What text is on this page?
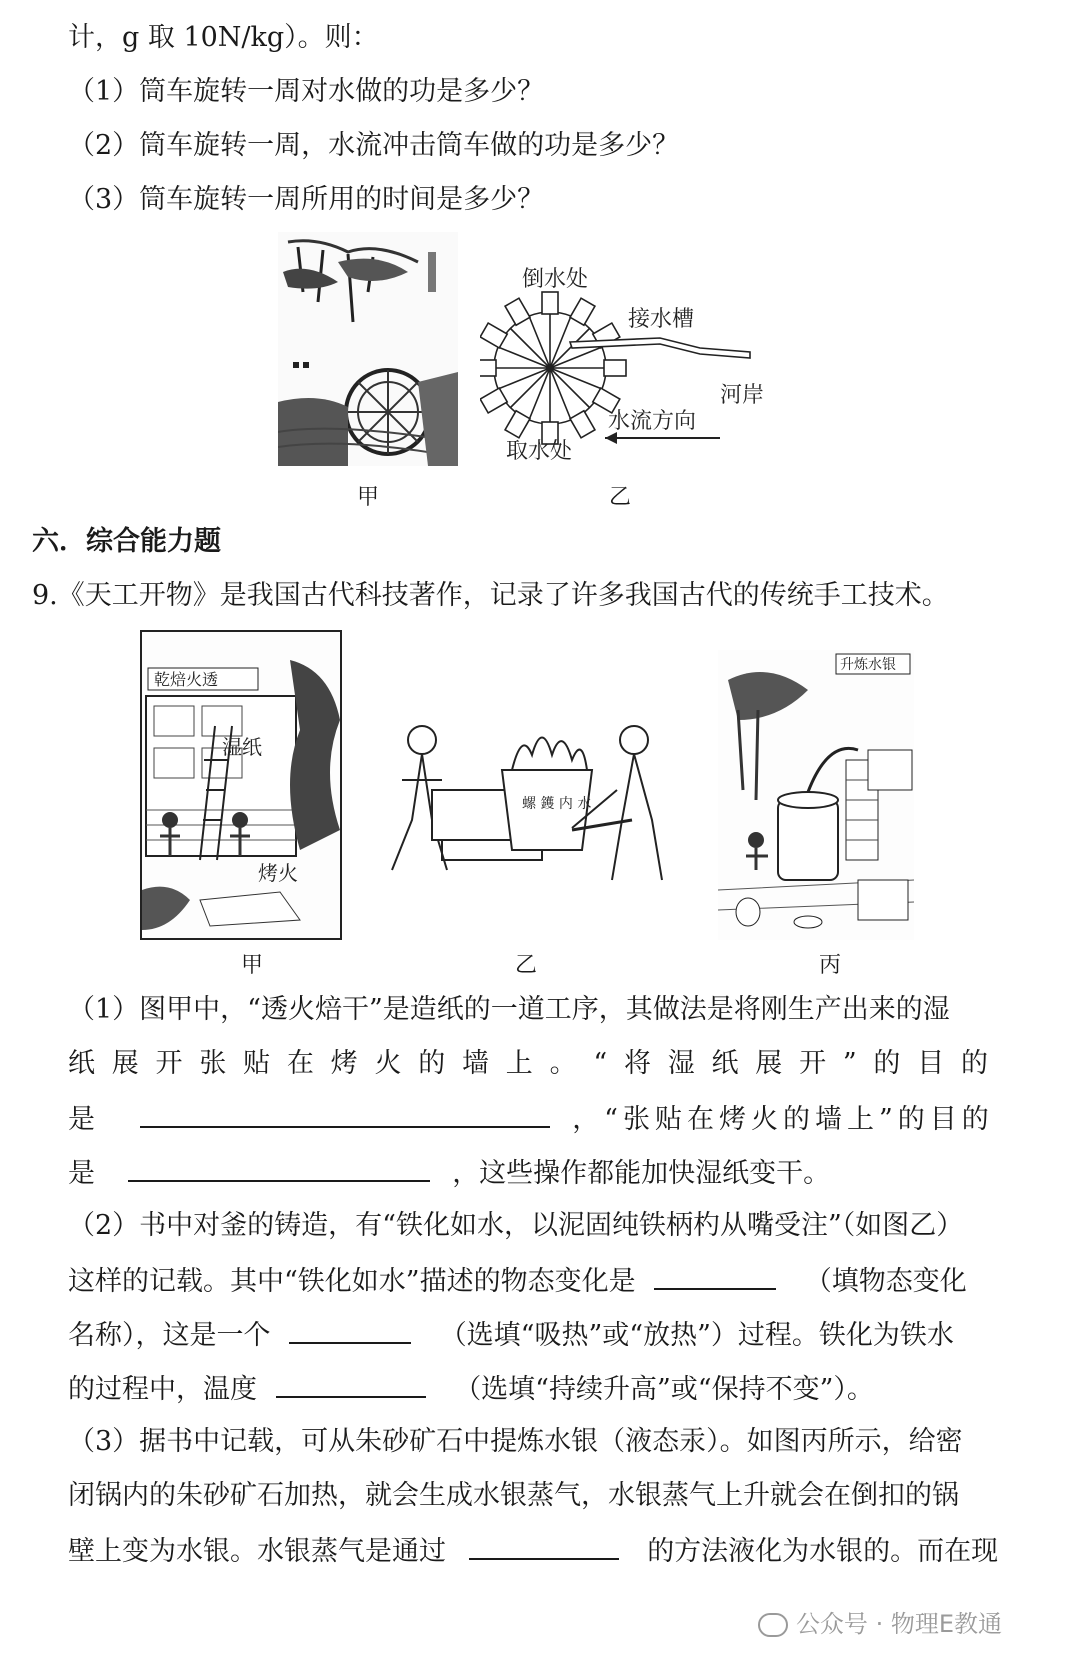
计，g 取 10N/kg）。则：
（1）筒车旋转一周对水做的功是多少？
（2）筒车旋转一周，水流冲击筒车做的功是多少？
（3）筒车旋转一周所用的时间是多少？
甲
倒水处
接水槽
河岸
水流方向
取水处
乙
六．综合能力题
9.《天工开物》是我国古代科技著作，记录了许多我国古代的传统手工技术。
乾焙火透
湿纸
烤火
甲
螺 鑊 内 水
乙
升炼水银
丙
（1）图甲中，“透火焙干”是造纸的一道工序，其做法是将刚生产出来的湿
纸展开张贴在烤火的墙上。“将湿纸展开”的目的
是	，“张贴在烤火的墙上”的目的
是	，这些操作都能加快湿纸变干。
（2）书中对釜的铸造，有“铁化如水，以泥固纯铁柄杓从嘴受注”（如图乙）
这样的记载。其中“铁化如水”描述的物态变化是	（填物态变化
名称），这是一个	（选填“吸热”或“放热”）过程。铁化为铁水
的过程中，温度	（选填“持续升高”或“保持不变”）。
（3）据书中记载，可从朱砂矿石中提炼水银（液态汞）。如图丙所示，给密
闭锅内的朱砂矿石加热，就会生成水银蒸气，水银蒸气上升就会在倒扣的锅
壁上变为水银。水银蒸气是通过	的方法液化为水银的。而在现
公众号 · 物理E教通
